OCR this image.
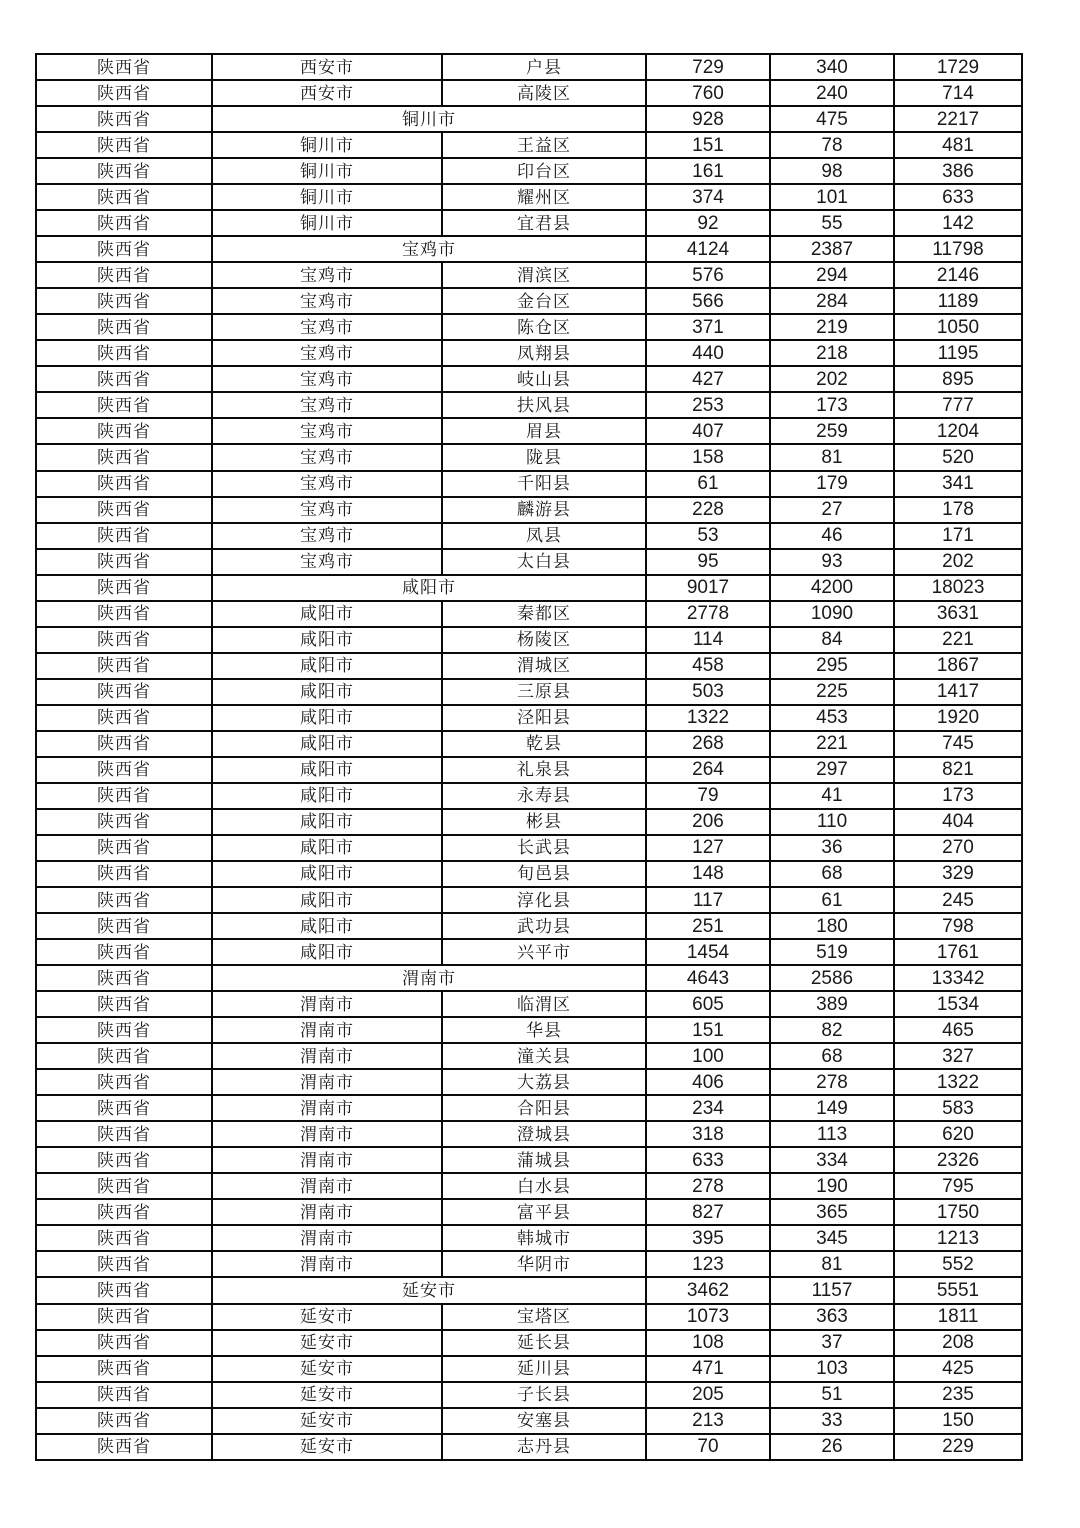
陕西省	西安市	户县	729	340	1729
陕西省	西安市	高陵区	760	240	714
陕西省	铜川市		928	475	2217
陕西省	铜川市	王益区	151	78	481
陕西省	铜川市	印台区	161	98	386
陕西省	铜川市	耀州区	374	101	633
陕西省	铜川市	宜君县	92	55	142
陕西省	宝鸡市		4124	2387	11798
陕西省	宝鸡市	渭滨区	576	294	2146
陕西省	宝鸡市	金台区	566	284	1189
陕西省	宝鸡市	陈仓区	371	219	1050
陕西省	宝鸡市	凤翔县	440	218	1195
陕西省	宝鸡市	岐山县	427	202	895
陕西省	宝鸡市	扶风县	253	173	777
陕西省	宝鸡市	眉县	407	259	1204
陕西省	宝鸡市	陇县	158	81	520
陕西省	宝鸡市	千阳县	61	179	341
陕西省	宝鸡市	麟游县	228	27	178
陕西省	宝鸡市	凤县	53	46	171
陕西省	宝鸡市	太白县	95	93	202
陕西省	咸阳市		9017	4200	18023
陕西省	咸阳市	秦都区	2778	1090	3631
陕西省	咸阳市	杨陵区	114	84	221
陕西省	咸阳市	渭城区	458	295	1867
陕西省	咸阳市	三原县	503	225	1417
陕西省	咸阳市	泾阳县	1322	453	1920
陕西省	咸阳市	乾县	268	221	745
陕西省	咸阳市	礼泉县	264	297	821
陕西省	咸阳市	永寿县	79	41	173
陕西省	咸阳市	彬县	206	110	404
陕西省	咸阳市	长武县	127	36	270
陕西省	咸阳市	旬邑县	148	68	329
陕西省	咸阳市	淳化县	117	61	245
陕西省	咸阳市	武功县	251	180	798
陕西省	咸阳市	兴平市	1454	519	1761
陕西省	渭南市		4643	2586	13342
陕西省	渭南市	临渭区	605	389	1534
陕西省	渭南市	华县	151	82	465
陕西省	渭南市	潼关县	100	68	327
陕西省	渭南市	大荔县	406	278	1322
陕西省	渭南市	合阳县	234	149	583
陕西省	渭南市	澄城县	318	113	620
陕西省	渭南市	蒲城县	633	334	2326
陕西省	渭南市	白水县	278	190	795
陕西省	渭南市	富平县	827	365	1750
陕西省	渭南市	韩城市	395	345	1213
陕西省	渭南市	华阴市	123	81	552
陕西省	延安市		3462	1157	5551
陕西省	延安市	宝塔区	1073	363	1811
陕西省	延安市	延长县	108	37	208
陕西省	延安市	延川县	471	103	425
陕西省	延安市	子长县	205	51	235
陕西省	延安市	安塞县	213	33	150
陕西省	延安市	志丹县	70	26	229
